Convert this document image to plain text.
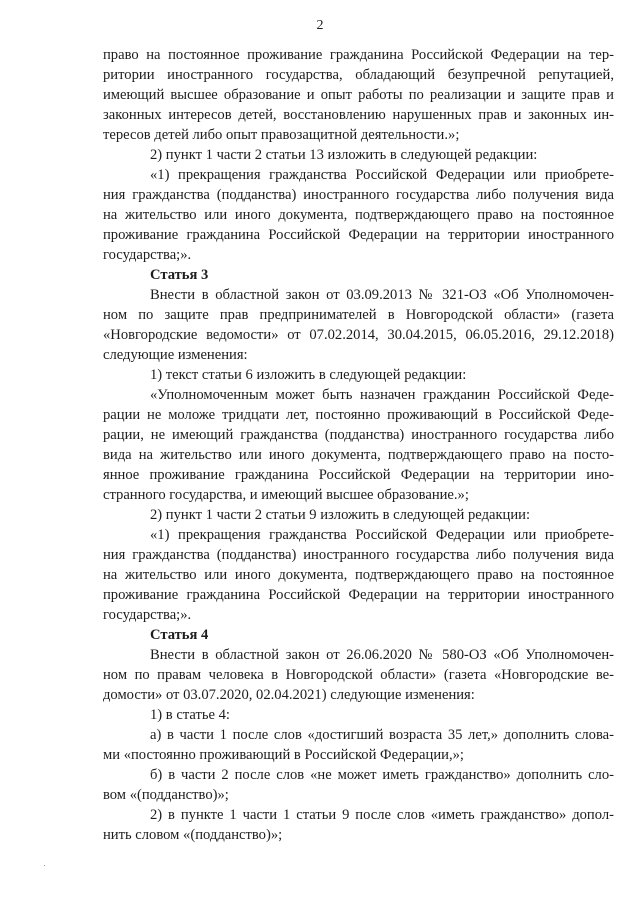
2
право на постоянное проживание гражданина Российской Федерации на тер-
ритории иностранного государства, обладающий безупречной репутацией,
имеющий высшее образование и опыт работы по реализации и защите прав и
законных интересов детей, восстановлению нарушенных прав и законных ин-
тересов детей либо опыт правозащитной деятельности.»;
2) пункт 1 части 2 статьи 13 изложить в следующей редакции:
«1) прекращения гражданства Российской Федерации или приобрете-
ния гражданства (подданства) иностранного государства либо получения вида
на жительство или иного документа, подтверждающего право на постоянное
проживание гражданина Российской Федерации на территории иностранного
государства;».
Статья 3
Внести в областной закон от 03.09.2013 № 321-ОЗ «Об Уполномочен-
ном по защите прав предпринимателей в Новгородской области» (газета
«Новгородские ведомости» от 07.02.2014, 30.04.2015, 06.05.2016, 29.12.2018)
следующие изменения:
1) текст статьи 6 изложить в следующей редакции:
«Уполномоченным может быть назначен гражданин Российской Феде-
рации не моложе тридцати лет, постоянно проживающий в Российской Феде-
рации, не имеющий гражданства (подданства) иностранного государства либо
вида на жительство или иного документа, подтверждающего право на посто-
янное проживание гражданина Российской Федерации на территории ино-
странного государства, и имеющий высшее образование.»;
2) пункт 1 части 2 статьи 9 изложить в следующей редакции:
«1) прекращения гражданства Российской Федерации или приобрете-
ния гражданства (подданства) иностранного государства либо получения вида
на жительство или иного документа, подтверждающего право на постоянное
проживание гражданина Российской Федерации на территории иностранного
государства;».
Статья 4
Внести в областной закон от 26.06.2020 № 580-ОЗ «Об Уполномочен-
ном по правам человека в Новгородской области» (газета «Новгородские ве-
домости» от 03.07.2020, 02.04.2021) следующие изменения:
1) в статье 4:
а) в части 1 после слов «достигший возраста 35 лет,» дополнить слова-
ми «постоянно проживающий в Российской Федерации,»;
б) в части 2 после слов «не может иметь гражданство» дополнить сло-
вом «(подданство)»;
2) в пункте 1 части 1 статьи 9 после слов «иметь гражданство» допол-
нить словом «(подданство)»;
